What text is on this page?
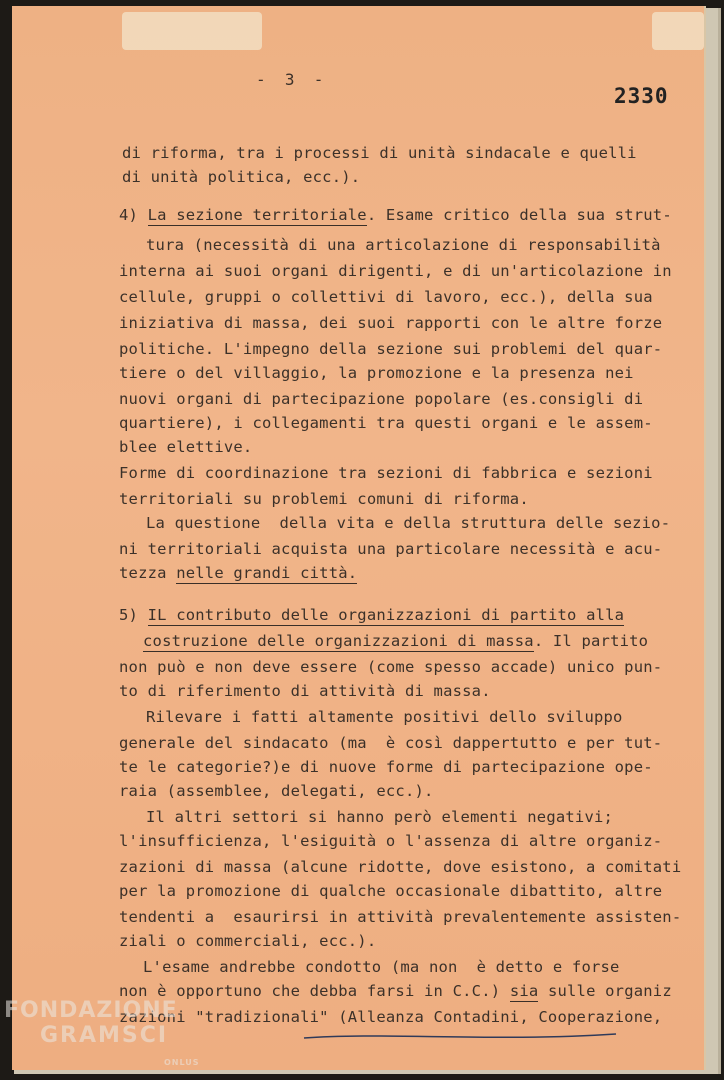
-  3  -
2330
di riforma, tra i processi di unità sindacale e quelli
di unità politica, ecc.).
4) La sezione territoriale. Esame critico della sua strut-
tura (necessità di una articolazione di responsabilità
interna ai suoi organi dirigenti, e di un'articolazione in
cellule, gruppi o collettivi di lavoro, ecc.), della sua
iniziativa di massa, dei suoi rapporti con le altre forze
politiche. L'impegno della sezione sui problemi del quar-
tiere o del villaggio, la promozione e la presenza nei
nuovi organi di partecipazione popolare (es.consigli di
quartiere), i collegamenti tra questi organi e le assem-
blee elettive.
Forme di coordinazione tra sezioni di fabbrica e sezioni
territoriali su problemi comuni di riforma.
La questione  della vita e della struttura delle sezio-
ni territoriali acquista una particolare necessità e acu-
tezza nelle grandi città.
5) IL contributo delle organizzazioni di partito alla
costruzione delle organizzazioni di massa. Il partito
non può e non deve essere (come spesso accade) unico pun-
to di riferimento di attività di massa.
Rilevare i fatti altamente positivi dello sviluppo
generale del sindacato (ma  è così dappertutto e per tut-
te le categorie?)e di nuove forme di partecipazione ope-
raia (assemblee, delegati, ecc.).
Il altri settori si hanno però elementi negativi;
l'insufficienza, l'esiguità o l'assenza di altre organiz-
zazioni di massa (alcune ridotte, dove esistono, a comitati
per la promozione di qualche occasionale dibattito, altre
tendenti a  esaurirsi in attività prevalentemente assisten-
ziali o commerciali, ecc.).
L'esame andrebbe condotto (ma non  è detto e forse
non è opportuno che debba farsi in C.C.) sia sulle organiz
zazioni "tradizionali" (Alleanza Contadini, Cooperazione,
FONDAZIONE
GRAMSCI
ONLUS
